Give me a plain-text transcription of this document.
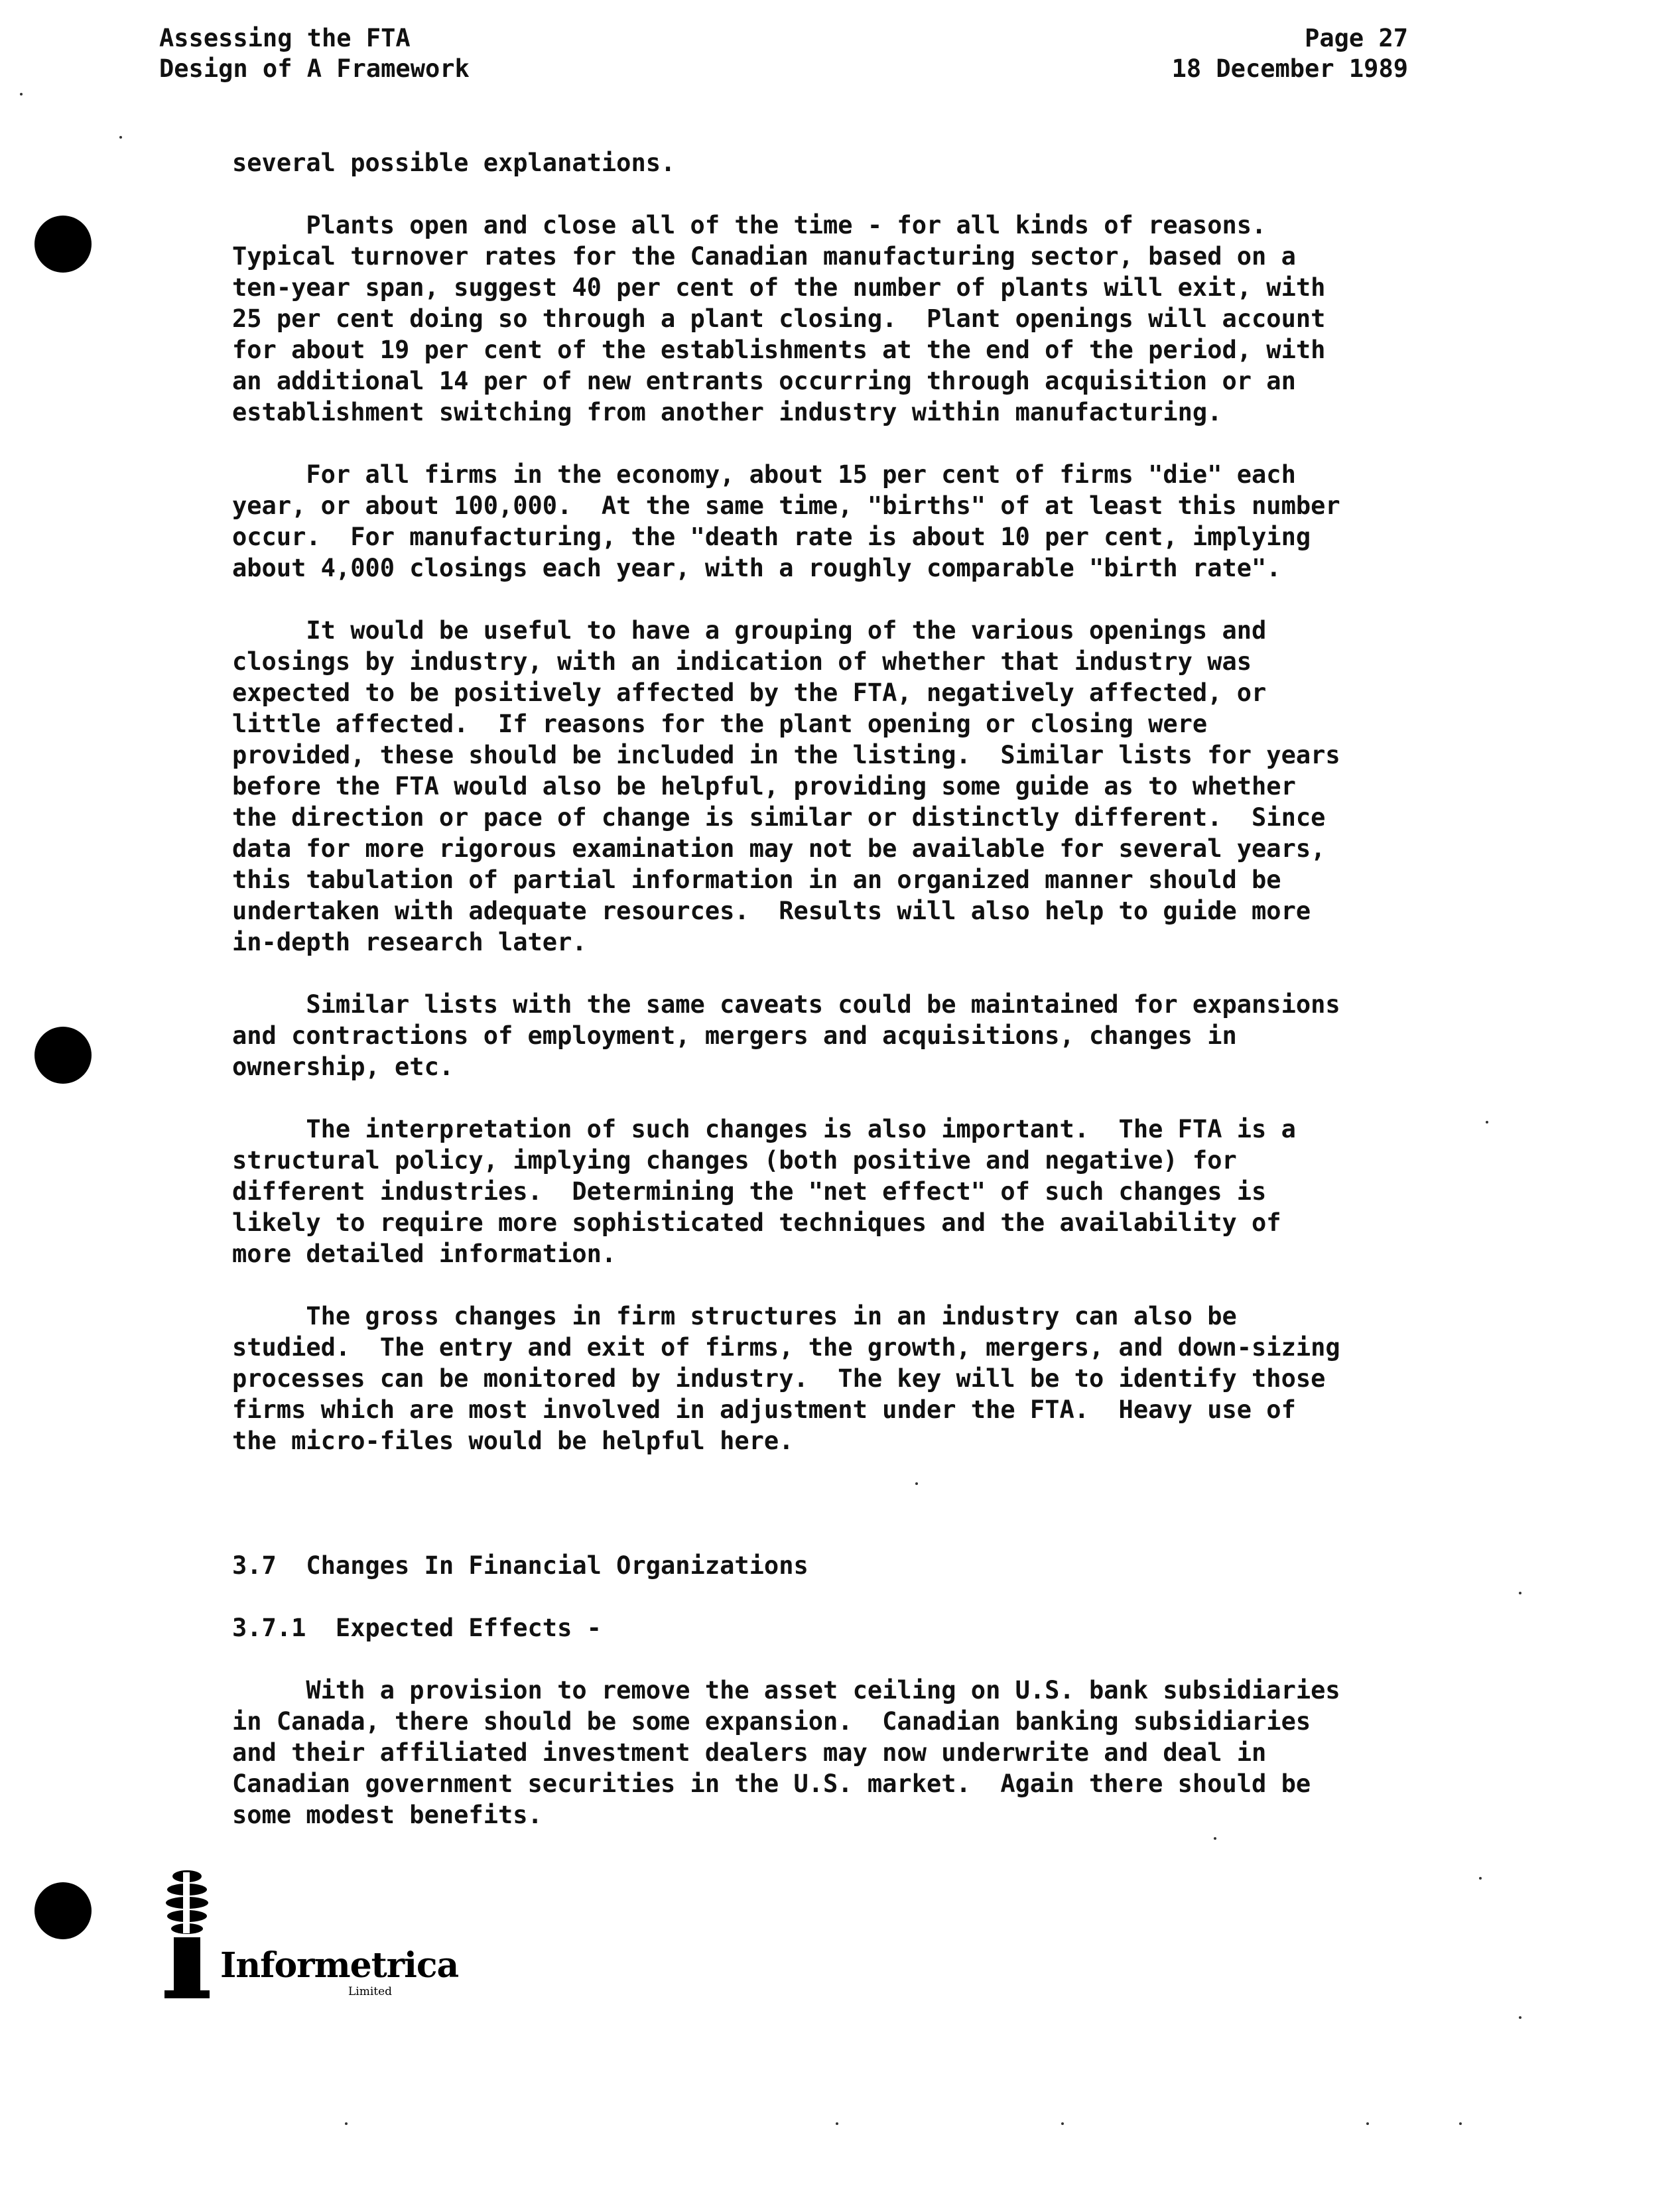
Assessing the FTA
Design of A Framework
Page 27
18 December 1989

several possible explanations.

Plants open and close all of the time - for all kinds of reasons.
Typical turnover rates for the Canadian manufacturing sector, based on a
ten-year span, suggest 40 per cent of the number of plants will exit, with
25 per cent doing so through a plant closing.  Plant openings will account
for about 19 per cent of the establishments at the end of the period, with
an additional 14 per of new entrants occurring through acquisition or an
establishment switching from another industry within manufacturing.

For all firms in the economy, about 15 per cent of firms "die" each
year, or about 100,000.  At the same time, "births" of at least this number
occur.  For manufacturing, the "death rate is about 10 per cent, implying
about 4,000 closings each year, with a roughly comparable "birth rate".

It would be useful to have a grouping of the various openings and
closings by industry, with an indication of whether that industry was
expected to be positively affected by the FTA, negatively affected, or
little affected.  If reasons for the plant opening or closing were
provided, these should be included in the listing.  Similar lists for years
before the FTA would also be helpful, providing some guide as to whether
the direction or pace of change is similar or distinctly different.  Since
data for more rigorous examination may not be available for several years,
this tabulation of partial information in an organized manner should be
undertaken with adequate resources.  Results will also help to guide more
in-depth research later.

Similar lists with the same caveats could be maintained for expansions
and contractions of employment, mergers and acquisitions, changes in
ownership, etc.

The interpretation of such changes is also important.  The FTA is a
structural policy, implying changes (both positive and negative) for
different industries.  Determining the "net effect" of such changes is
likely to require more sophisticated techniques and the availability of
more detailed information.

The gross changes in firm structures in an industry can also be
studied.  The entry and exit of firms, the growth, mergers, and down-sizing
processes can be monitored by industry.  The key will be to identify those
firms which are most involved in adjustment under the FTA.  Heavy use of
the micro-files would be helpful here.

3.7  Changes In Financial Organizations

3.7.1  Expected Effects -

With a provision to remove the asset ceiling on U.S. bank subsidiaries
in Canada, there should be some expansion.  Canadian banking subsidiaries
and their affiliated investment dealers may now underwrite and deal in
Canadian government securities in the U.S. market.  Again there should be
some modest benefits.

Informetrica
Limited
